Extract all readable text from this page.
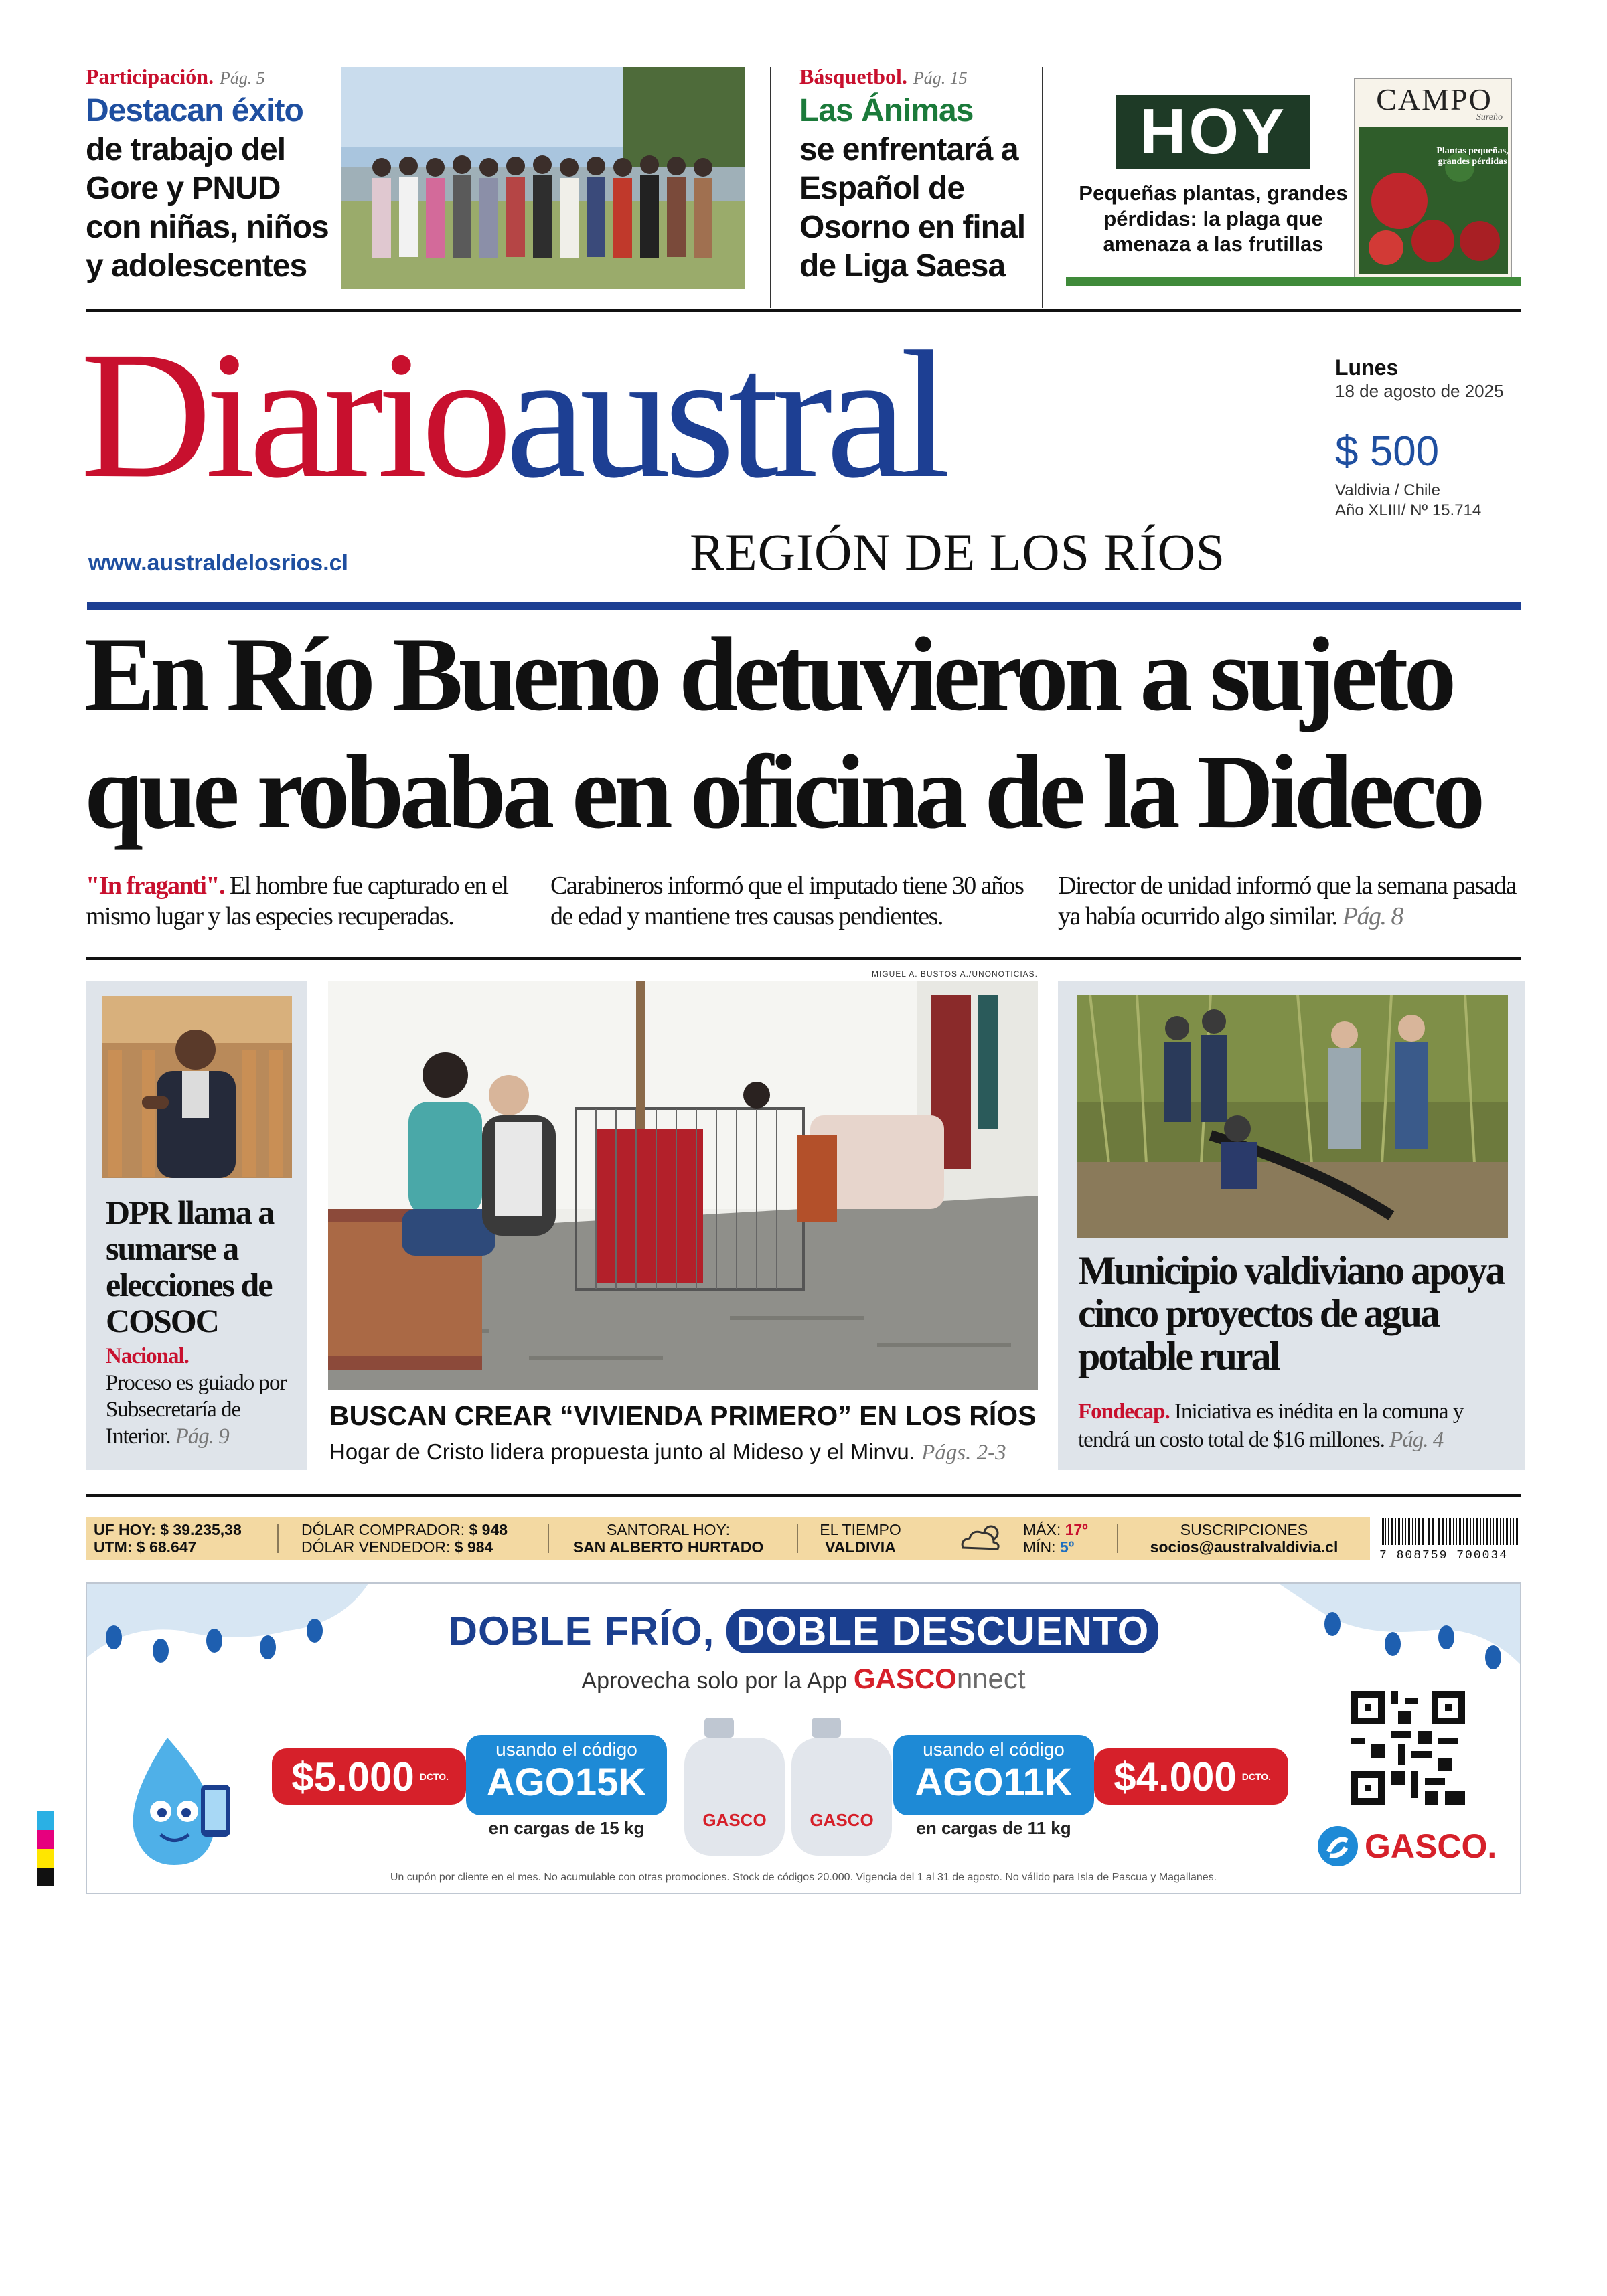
Participación. Pág. 5
Destacan éxito
de trabajo del Gore y PNUD con niñas, niños y adolescentes
Básquetbol. Pág. 15
Las Ánimas
se enfrentará a Español de Osorno en final de Liga Saesa
HOY
Pequeñas plantas, grandes pérdidas: la plaga que amenaza a las frutillas
CAMPO
Sureño
Plantas pequeñas, grandes pérdidas
Diarioaustral
www.australdelosrios.cl	REGIÓN DE LOS RÍOS
Lunes
18 de agosto de 2025
$ 500
Valdivia / Chile
Año XLIII/ Nº 15.714
En Río Bueno detuvieron a sujeto
que robaba en oficina de la Dideco
"In fraganti". El hombre fue capturado en el mismo lugar y las especies recuperadas.
Carabineros informó que el imputado tiene 30 años de edad y mantiene tres causas pendientes.
Director de unidad informó que la semana pasada ya había ocurrido algo similar. Pág. 8
DPR llama a sumarse a elecciones de COSOC
Nacional.
Proceso es guiado por Subsecretaría de Interior. Pág. 9
MIGUEL A. BUSTOS A./UNONOTICIAS.
BUSCAN CREAR “VIVIENDA PRIMERO” EN LOS RÍOS
Hogar de Cristo lidera propuesta junto al Mideso y el Minvu. Págs. 2-3
Municipio valdiviano apoya cinco proyectos de agua potable rural
Fondecap. Iniciativa es inédita en la comuna y tendrá un costo total de $16 millones. Pág. 4
UF HOY: $ 39.235,38
UTM: $ 68.647
DÓLAR COMPRADOR: $ 948
DÓLAR VENDEDOR: $ 984
SANTORAL HOY:
SAN ALBERTO HURTADO
EL TIEMPO
VALDIVIA
MÁX: 17º
MÍN: 5º
SUSCRIPCIONES
socios@australvaldivia.cl	7 808759 700034
DOBLE FRÍO, DOBLE DESCUENTO
Aprovecha solo por la App GASCOnnect
$5.000 DCTO.
usando el código
AGO15K
en cargas de 15 kg	GASCO	GASCO
usando el código
AGO11K
en cargas de 11 kg
$4.000 DCTO.
GASCO.
Un cupón por cliente en el mes. No acumulable con otras promociones. Stock de códigos 20.000. Vigencia del 1 al 31 de agosto. No válido para Isla de Pascua y Magallanes.
